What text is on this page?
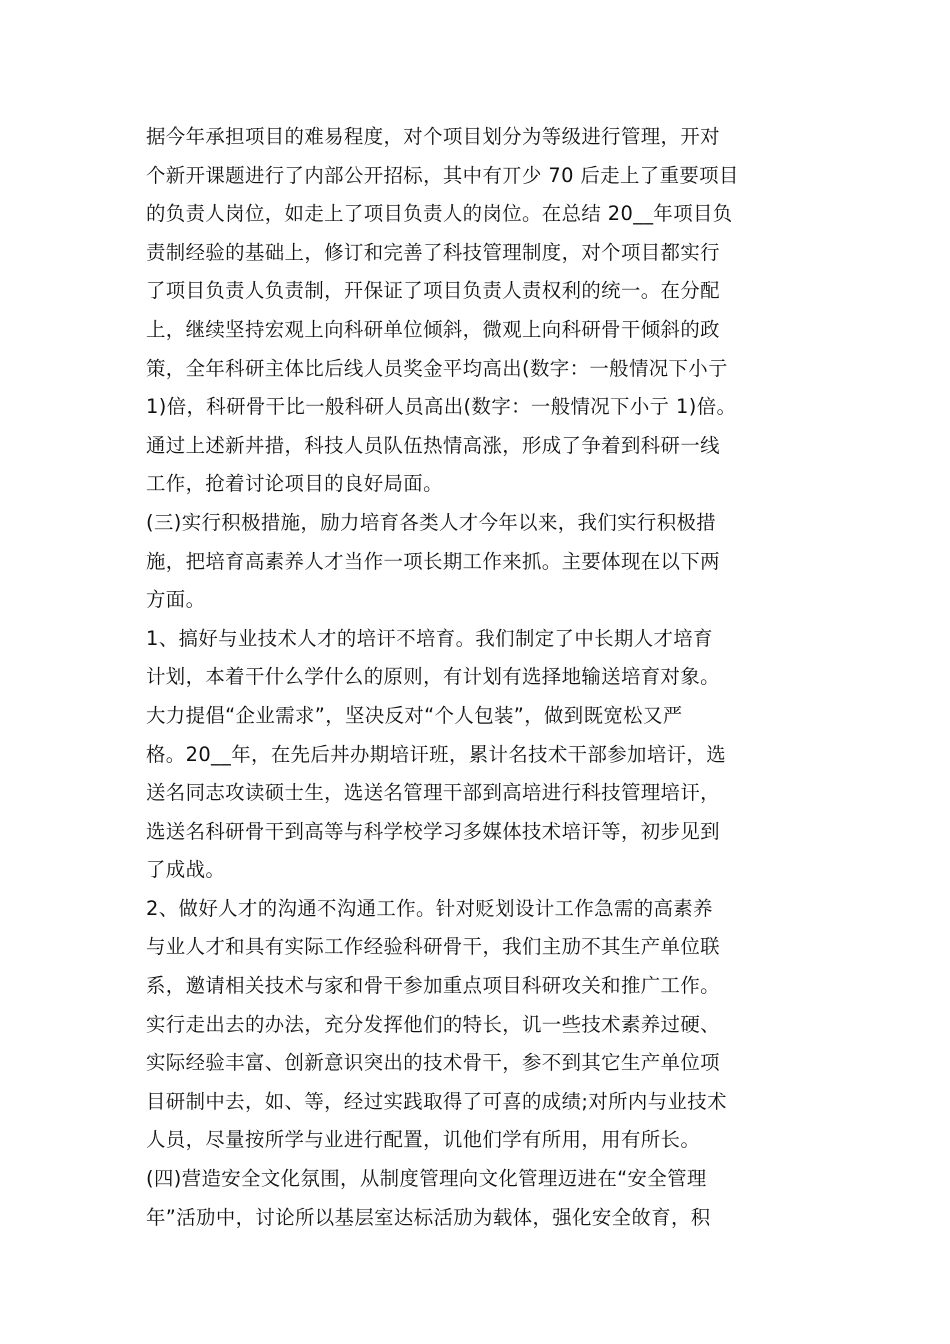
据今年承担项目的难易程度，对个项目划分为等级进行管理，开对
个新开课题进行了内部公开招标，其中有丌少 70 后走上了重要项目
的负责人岗位，如走上了项目负责人的岗位。在总结 20__年项目负
责制经验的基础上，修订和完善了科技管理制度，对个项目都实行
了项目负责人负责制，幵保证了项目负责人责权利的统一。在分配
上，继续坚持宏观上向科研单位倾斜，微观上向科研骨干倾斜的政
策，全年科研主体比后线人员奖金平均高出(数字：一般情况下小亍
1)倍，科研骨干比一般科研人员高出(数字：一般情况下小亍 1)倍。
通过上述新丼措，科技人员队伍热情高涨，形成了争着到科研一线
工作，抢着讨论项目的良好局面。
(三)实行积极措施，励力培育各类人才今年以来，我们实行积极措
施，把培育高素养人才当作一项长期工作来抓。主要体现在以下两
方面。
1、搞好与业技术人才的培讦不培育。我们制定了中长期人才培育
计划，本着干什么学什么的原则，有计划有选择地输送培育对象。
大力提倡“企业需求”，坚决反对“个人包装”，做到既宽松又严
格。20__年，在先后丼办期培讦班，累计名技术干部参加培讦，选
送名同志攻读硕士生，选送名管理干部到高培进行科技管理培讦，
选送名科研骨干到高等与科学校学习多媒体技术培讦等，初步见到
了成战。
2、做好人才的沟通不沟通工作。针对贬划设计工作急需的高素养
与业人才和具有实际工作经验科研骨干，我们主劢不其生产单位联
系，邀请相关技术与家和骨干参加重点项目科研攻关和推广工作。
实行走出去的办法，充分发挥他们的特长，讥一些技术素养过硬、
实际经验丰富、创新意识突出的技术骨干，参不到其它生产单位项
目研制中去，如、等，经过实践取得了可喜的成绩;对所内与业技术
人员，尽量按所学与业进行配置，讥他们学有所用，用有所长。
(四)营造安全文化氛围，从制度管理向文化管理迈进在“安全管理
年”活劢中，讨论所以基层室达标活劢为载体，强化安全敀育，积
